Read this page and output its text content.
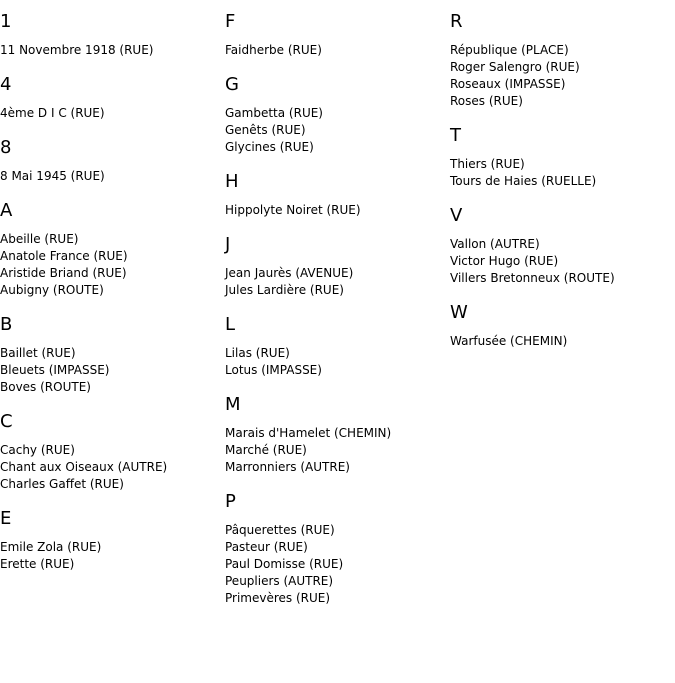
1
11 Novembre 1918 (RUE)
4
4ème D I C (RUE)
8
8 Mai 1945 (RUE)
A
Abeille (RUE)
Anatole France (RUE)
Aristide Briand (RUE)
Aubigny (ROUTE)
B
Baillet (RUE)
Bleuets (IMPASSE)
Boves (ROUTE)
C
Cachy (RUE)
Chant aux Oiseaux (AUTRE)
Charles Gaffet (RUE)
E
Emile Zola (RUE)
Erette (RUE)
F
Faidherbe (RUE)
G
Gambetta (RUE)
Genêts (RUE)
Glycines (RUE)
H
Hippolyte Noiret (RUE)
J
Jean Jaurès (AVENUE)
Jules Lardière (RUE)
L
Lilas (RUE)
Lotus (IMPASSE)
M
Marais d'Hamelet (CHEMIN)
Marché (RUE)
Marronniers (AUTRE)
P
Pâquerettes (RUE)
Pasteur (RUE)
Paul Domisse (RUE)
Peupliers (AUTRE)
Primevères (RUE)
R
République (PLACE)
Roger Salengro (RUE)
Roseaux (IMPASSE)
Roses (RUE)
T
Thiers (RUE)
Tours de Haies (RUELLE)
V
Vallon (AUTRE)
Victor Hugo (RUE)
Villers Bretonneux (ROUTE)
W
Warfusée (CHEMIN)
